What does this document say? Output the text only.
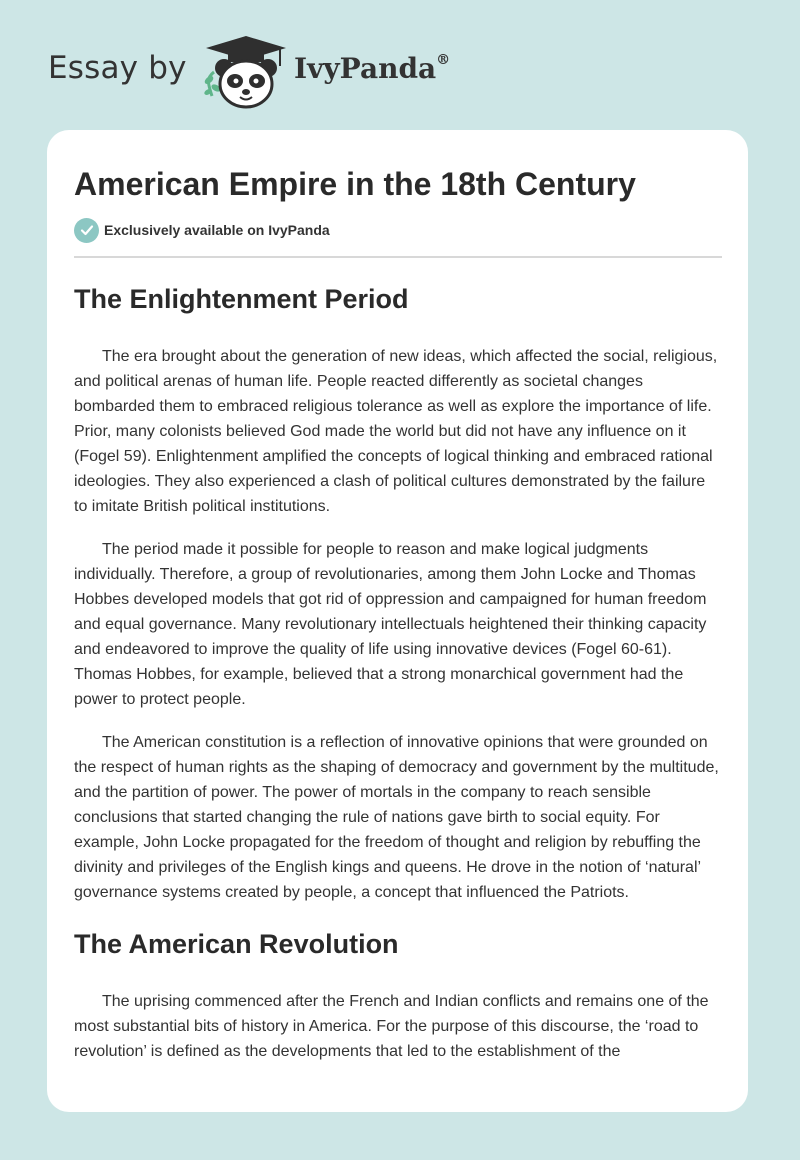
Essay by	IvyPanda®
American Empire in the 18th Century
Exclusively available on IvyPanda
The Enlightenment Period

The era brought about the generation of new ideas, which affected the social, religious, and political arenas of human life. People reacted differently as societal changes bombarded them to embraced religious tolerance as well as explore the importance of life. Prior, many colonists believed God made the world but did not have any influence on it (Fogel 59). Enlightenment amplified the concepts of logical thinking and embraced rational ideologies. They also experienced a clash of political cultures demonstrated by the failure to imitate British political institutions.

The period made it possible for people to reason and make logical judgments individually. Therefore, a group of revolutionaries, among them John Locke and Thomas Hobbes developed models that got rid of oppression and campaigned for human freedom and equal governance. Many revolutionary intellectuals heightened their thinking capacity and endeavored to improve the quality of life using innovative devices (Fogel 60-61). Thomas Hobbes, for example, believed that a strong monarchical government had the power to protect people.

The American constitution is a reflection of innovative opinions that were grounded on the respect of human rights as the shaping of democracy and government by the multitude, and the partition of power. The power of mortals in the company to reach sensible conclusions that started changing the rule of nations gave birth to social equity. For example, John Locke propagated for the freedom of thought and religion by rebuffing the divinity and privileges of the English kings and queens. He drove in the notion of ‘natural’ governance systems created by people, a concept that influenced the Patriots.

The American Revolution

The uprising commenced after the French and Indian conflicts and remains one of the most substantial bits of history in America. For the purpose of this discourse, the ‘road to revolution’ is defined as the developments that led to the establishment of the
